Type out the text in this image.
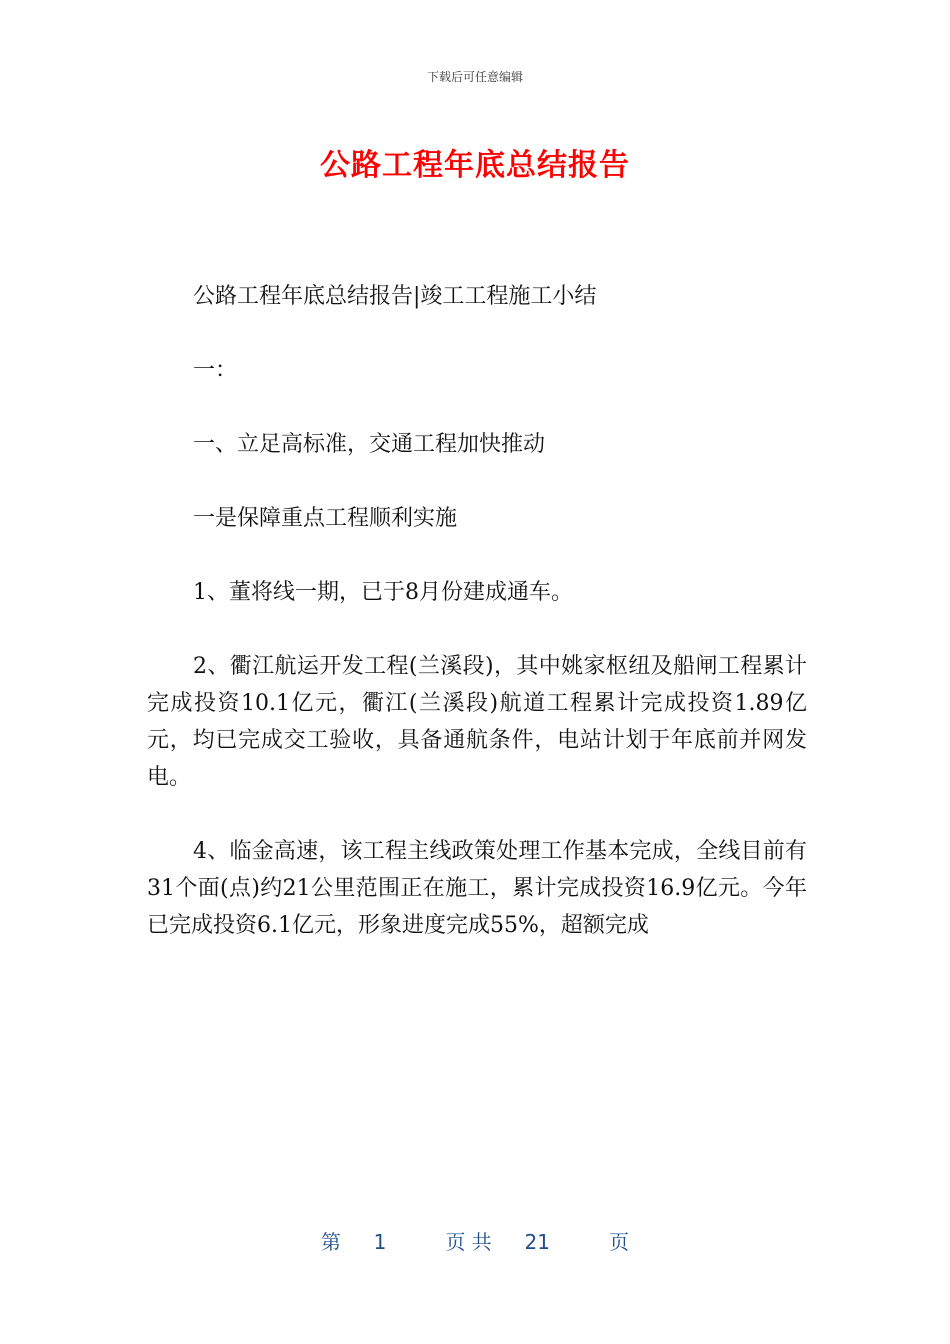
下载后可任意编辑
公路工程年底总结报告

公路工程年底总结报告|竣工工程施工小结

一：

一、立足高标准，交通工程加快推动

一是保障重点工程顺利实施

1、董将线一期，已于8月份建成通车。

2、衢江航运开发工程(兰溪段)，其中姚家枢纽及船闸工程累计完成投资10.1亿元，衢江(兰溪段)航道工程累计完成投资1.89亿元，均已完成交工验收，具备通航条件，电站计划于年底前并网发电。

4、临金高速，该工程主线政策处理工作基本完成，全线目前有31个面(点)约21公里范围正在施工，累计完成投资16.9亿元。今年已完成投资6.1亿元，形象进度完成55%，超额完成

第 1	页 共 21	页
